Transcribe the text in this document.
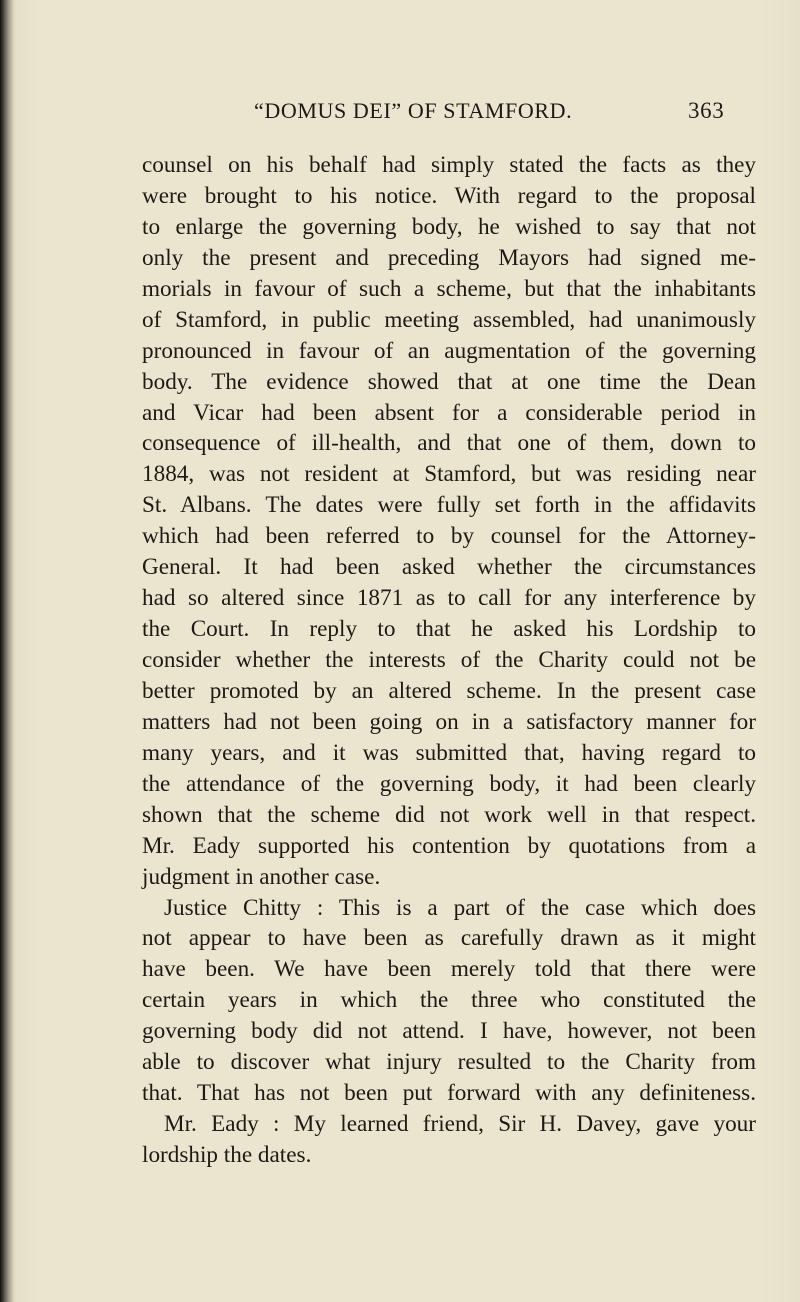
“DOMUS DEI” OF STAMFORD.	363
counsel on his behalf had simply stated the facts as they
were brought to his notice. With regard to the proposal
to enlarge the governing body, he wished to say that not
only the present and preceding Mayors had signed me-
morials in favour of such a scheme, but that the inhabitants
of Stamford, in public meeting assembled, had unanimously
pronounced in favour of an augmentation of the governing
body. The evidence showed that at one time the Dean
and Vicar had been absent for a considerable period in
consequence of ill-health, and that one of them, down to
1884, was not resident at Stamford, but was residing near
St. Albans. The dates were fully set forth in the affidavits
which had been referred to by counsel for the Attorney-
General. It had been asked whether the circumstances
had so altered since 1871 as to call for any interference by
the Court. In reply to that he asked his Lordship to
consider whether the interests of the Charity could not be
better promoted by an altered scheme. In the present case
matters had not been going on in a satisfactory manner for
many years, and it was submitted that, having regard to
the attendance of the governing body, it had been clearly
shown that the scheme did not work well in that respect.
Mr. Eady supported his contention by quotations from a
judgment in another case.
Justice Chitty : This is a part of the case which does
not appear to have been as carefully drawn as it might
have been. We have been merely told that there were
certain years in which the three who constituted the
governing body did not attend. I have, however, not been
able to discover what injury resulted to the Charity from
that. That has not been put forward with any definiteness.
Mr. Eady : My learned friend, Sir H. Davey, gave your
lordship the dates.
